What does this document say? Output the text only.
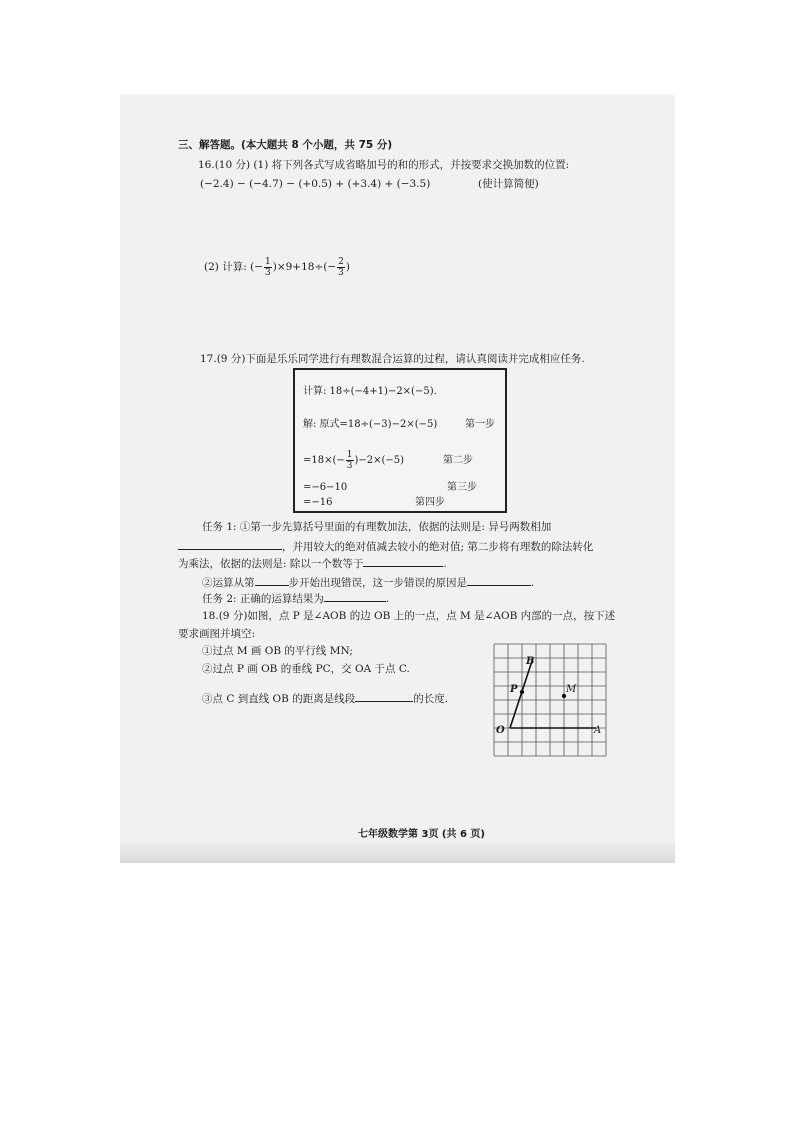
三、解答题。(本大题共 8 个小题，共 75 分)
16.(10 分) (1) 将下列各式写成省略加号的和的形式，并按要求交换加数的位置:
(−2.4) − (−4.7) − (+0.5) + (+3.4) + (−3.5)	(使计算简便)
(2) 计算: (− $\frac{1}{3} )\times 9+18\div(- \frac{2}{3}$ )
17.(9 分)下面是乐乐同学进行有理数混合运算的过程，请认真阅读并完成相应任务.
计算: 18÷(−4+1)−2×(−5).
解: 原式=18÷(−3)−2×(−5)	第一步
$=18\times(- \frac{1}{3} )-2\times(-5)$	第二步
=−6−10	第三步
=−16	第四步
任务 1: ①第一步先算括号里面的有理数加法，依据的法则是: 异号两数相加
，并用较大的绝对值减去较小的绝对值; 第二步将有理数的除法转化
为乘法，依据的法则是: 除以一个数等于	.
②运算从第	步开始出现错误，这一步错误的原因是	.
任务 2: 正确的运算结果为	.
18.(9 分)如图，点 P 是∠AOB 的边 OB 上的一点，点 M 是∠AOB 内部的一点，按下述
要求画图并填空:
①过点 M 画 OB 的平行线 MN;
②过点 P 画 OB 的垂线 PC，交 OA 于点 C.
③点 C 到直线 OB 的距离是线段	的长度.
B
P	M
O	A
七年级数学第 3页 (共 6 页)
